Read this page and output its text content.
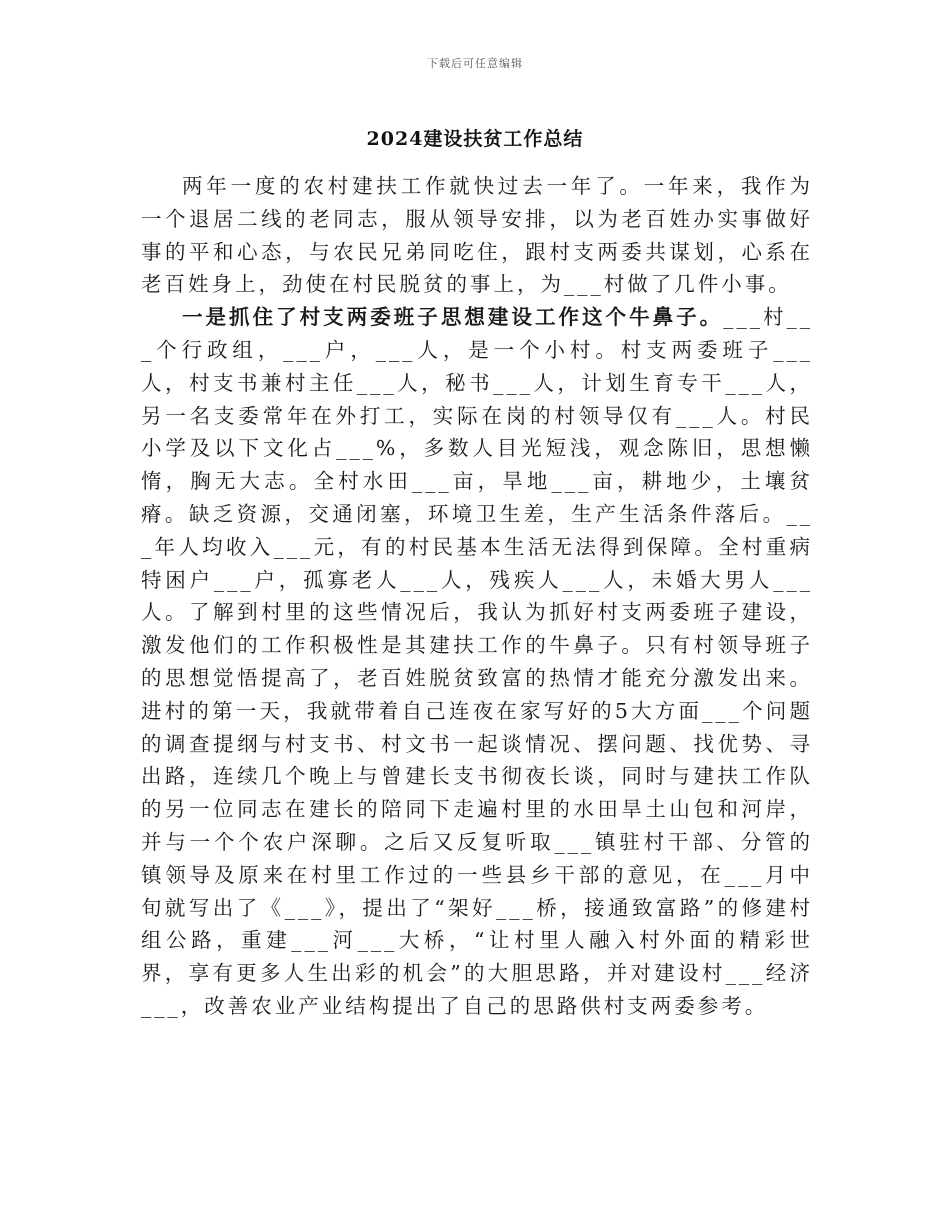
下载后可任意编辑
2024建设扶贫工作总结

两年一度的农村建扶工作就快过去一年了。一年来，我作为一个退居二线的老同志，服从领导安排，以为老百姓办实事做好事的平和心态，与农民兄弟同吃住，跟村支两委共谋划，心系在老百姓身上，劲使在村民脱贫的事上，为___村做了几件小事。

一是抓住了村支两委班子思想建设工作这个牛鼻子。___村___个行政组，___户，___人，是一个小村。村支两委班子___人，村支书兼村主任___人，秘书___人，计划生育专干___人，另一名支委常年在外打工，实际在岗的村领导仅有___人。村民小学及以下文化占___%，多数人目光短浅，观念陈旧，思想懒惰，胸无大志。全村水田___亩，旱地___亩，耕地少，土壤贫瘠。缺乏资源，交通闭塞，环境卫生差，生产生活条件落后。___年人均收入___元，有的村民基本生活无法得到保障。全村重病特困户___户，孤寡老人___人，残疾人___人，未婚大男人___人。了解到村里的这些情况后，我认为抓好村支两委班子建设，激发他们的工作积极性是其建扶工作的牛鼻子。只有村领导班子的思想觉悟提高了，老百姓脱贫致富的热情才能充分激发出来。进村的第一天，我就带着自己连夜在家写好的5大方面___个问题的调查提纲与村支书、村文书一起谈情况、摆问题、找优势、寻出路，连续几个晚上与曾建长支书彻夜长谈，同时与建扶工作队的另一位同志在建长的陪同下走遍村里的水田旱土山包和河岸，并与一个个农户深聊。之后又反复听取___镇驻村干部、分管的镇领导及原来在村里工作过的一些县乡干部的意见，在___月中旬就写出了《___》，提出了“架好___桥，接通致富路”的修建村组公路，重建___河___大桥，“让村里人融入村外面的精彩世界，享有更多人生出彩的机会”的大胆思路，并对建设村___经济___，改善农业产业结构提出了自己的思路供村支两委参考。
